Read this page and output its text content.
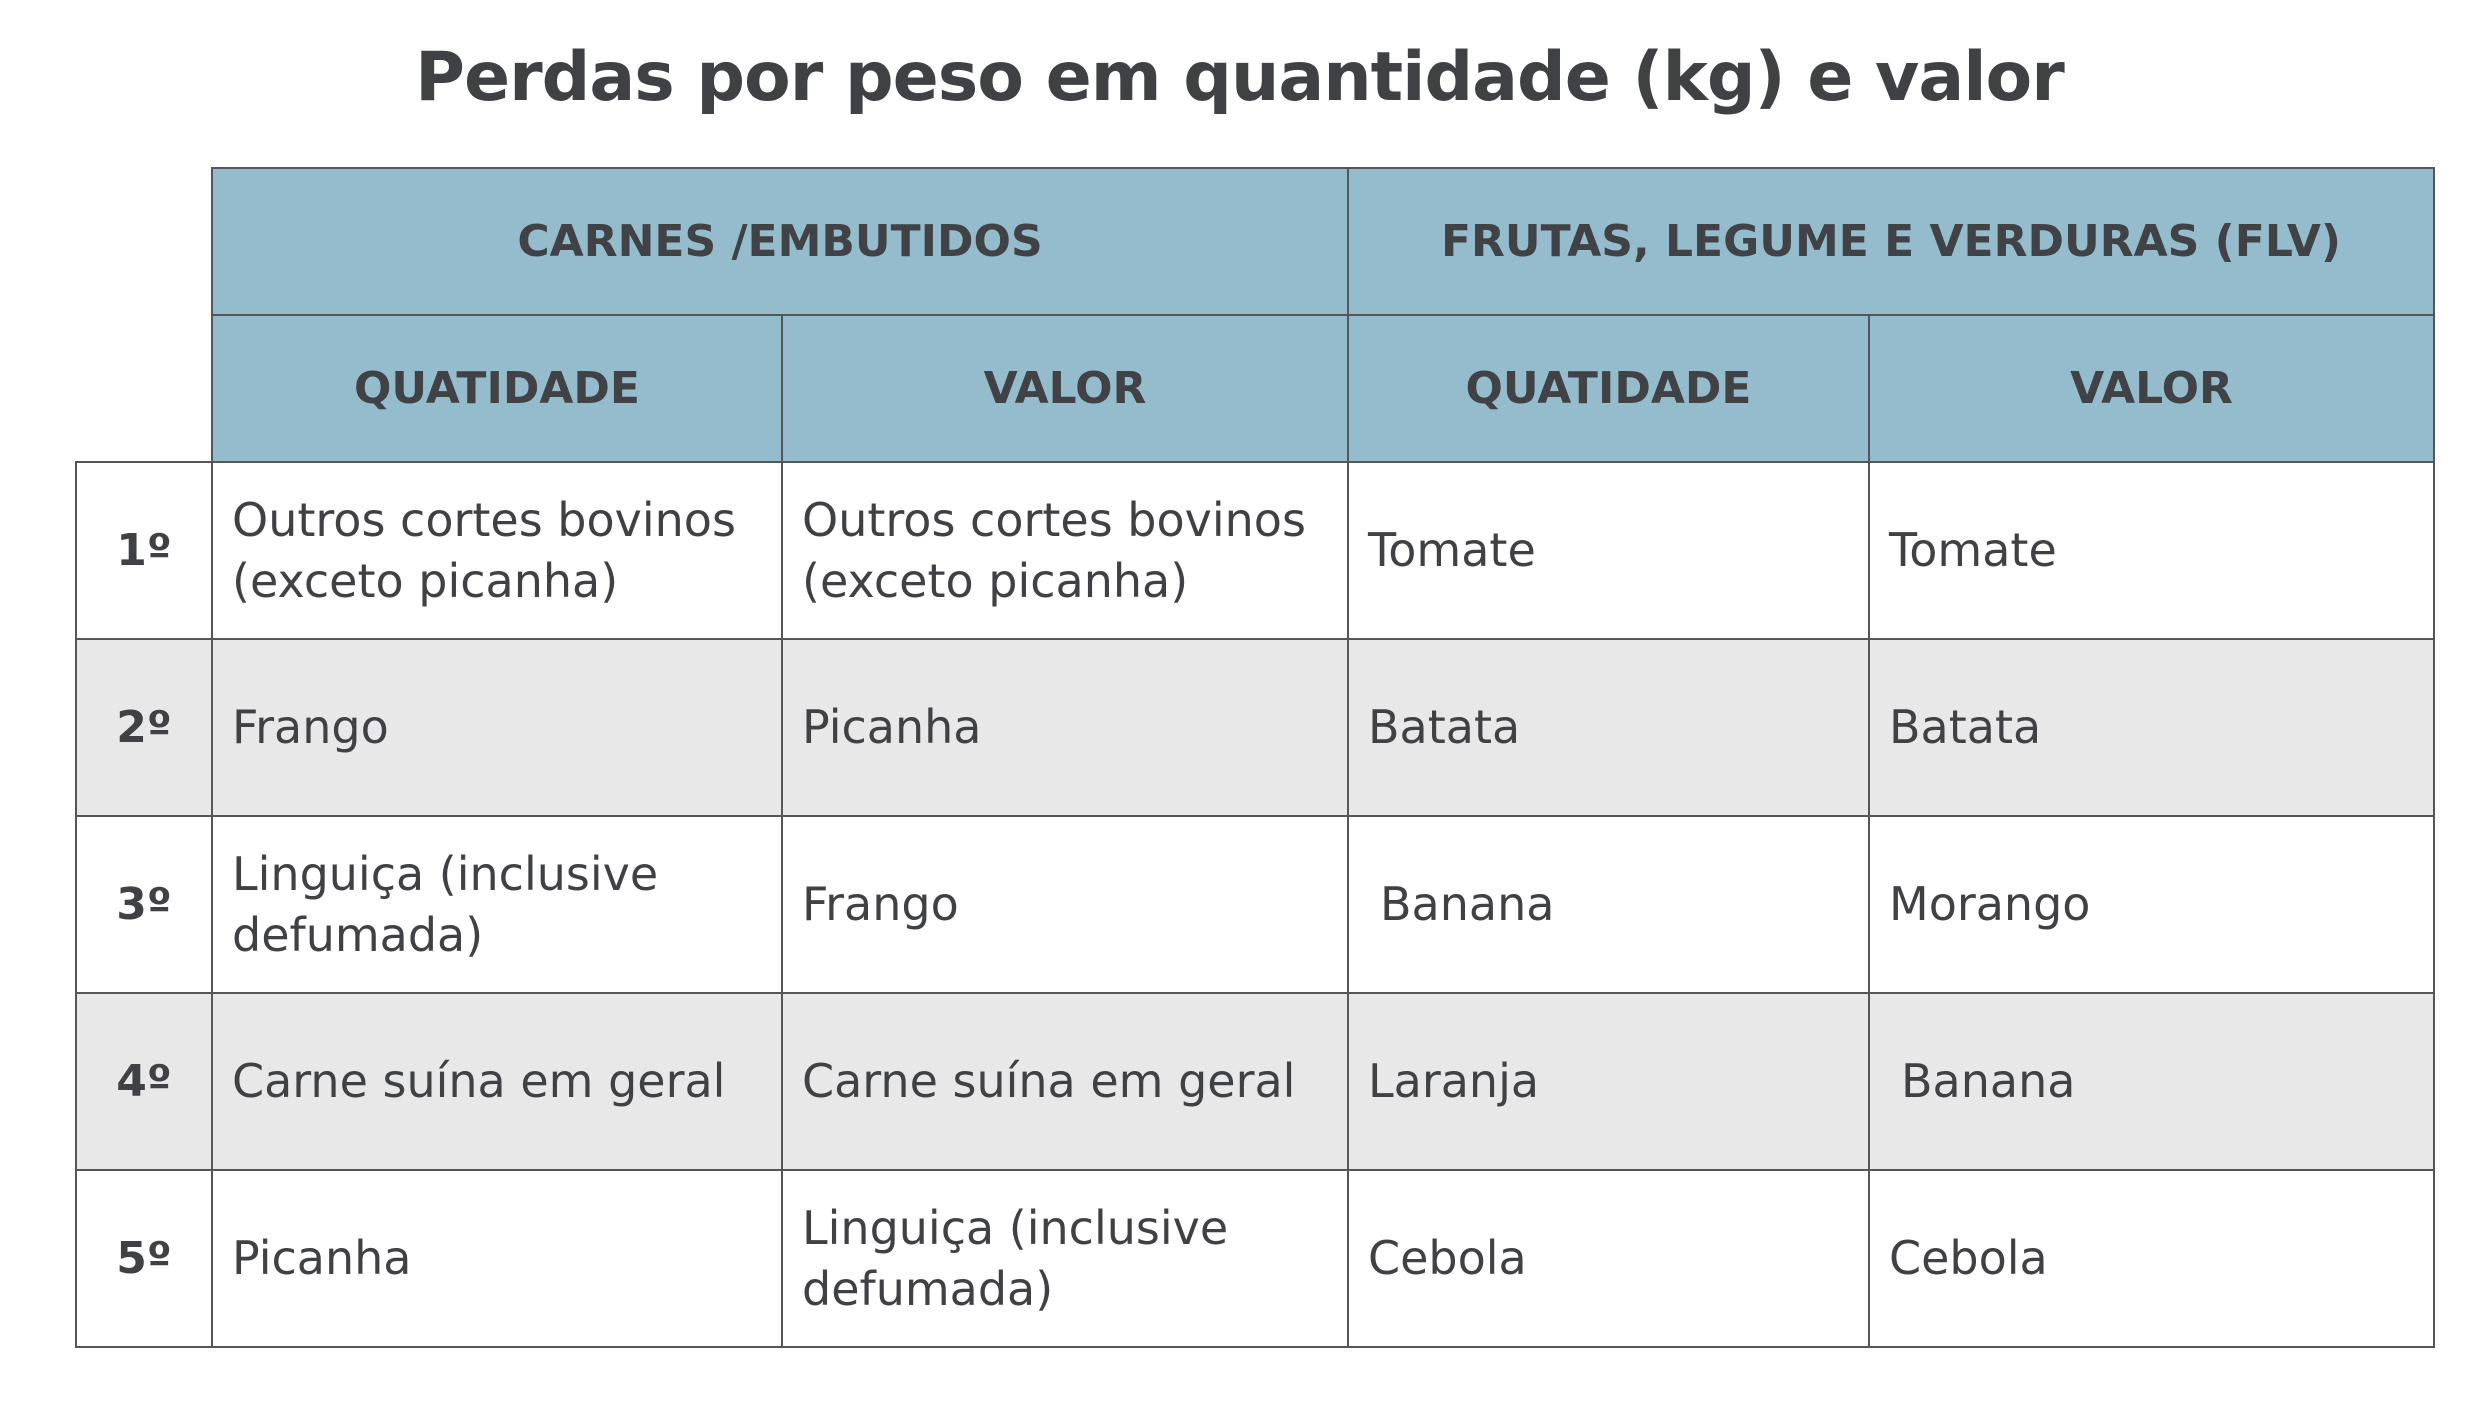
Perdas por peso em quantidade (kg) e valor
	CARNES /EMBUTIDOS		FRUTAS, LEGUME E VERDURAS (FLV)	
	QUATIDADE	VALOR	QUATIDADE	VALOR
1º	Outros cortes bovinos (exceto picanha)	Outros cortes bovinos (exceto picanha)	Tomate	Tomate
2º	Frango	Picanha	Batata	Batata
3º	Linguiça (inclusive defumada)	Frango	Banana	Morango
4º	Carne suína em geral	Carne suína em geral	Laranja	Banana
5º	Picanha	Linguiça (inclusive defumada)	Cebola	Cebola
